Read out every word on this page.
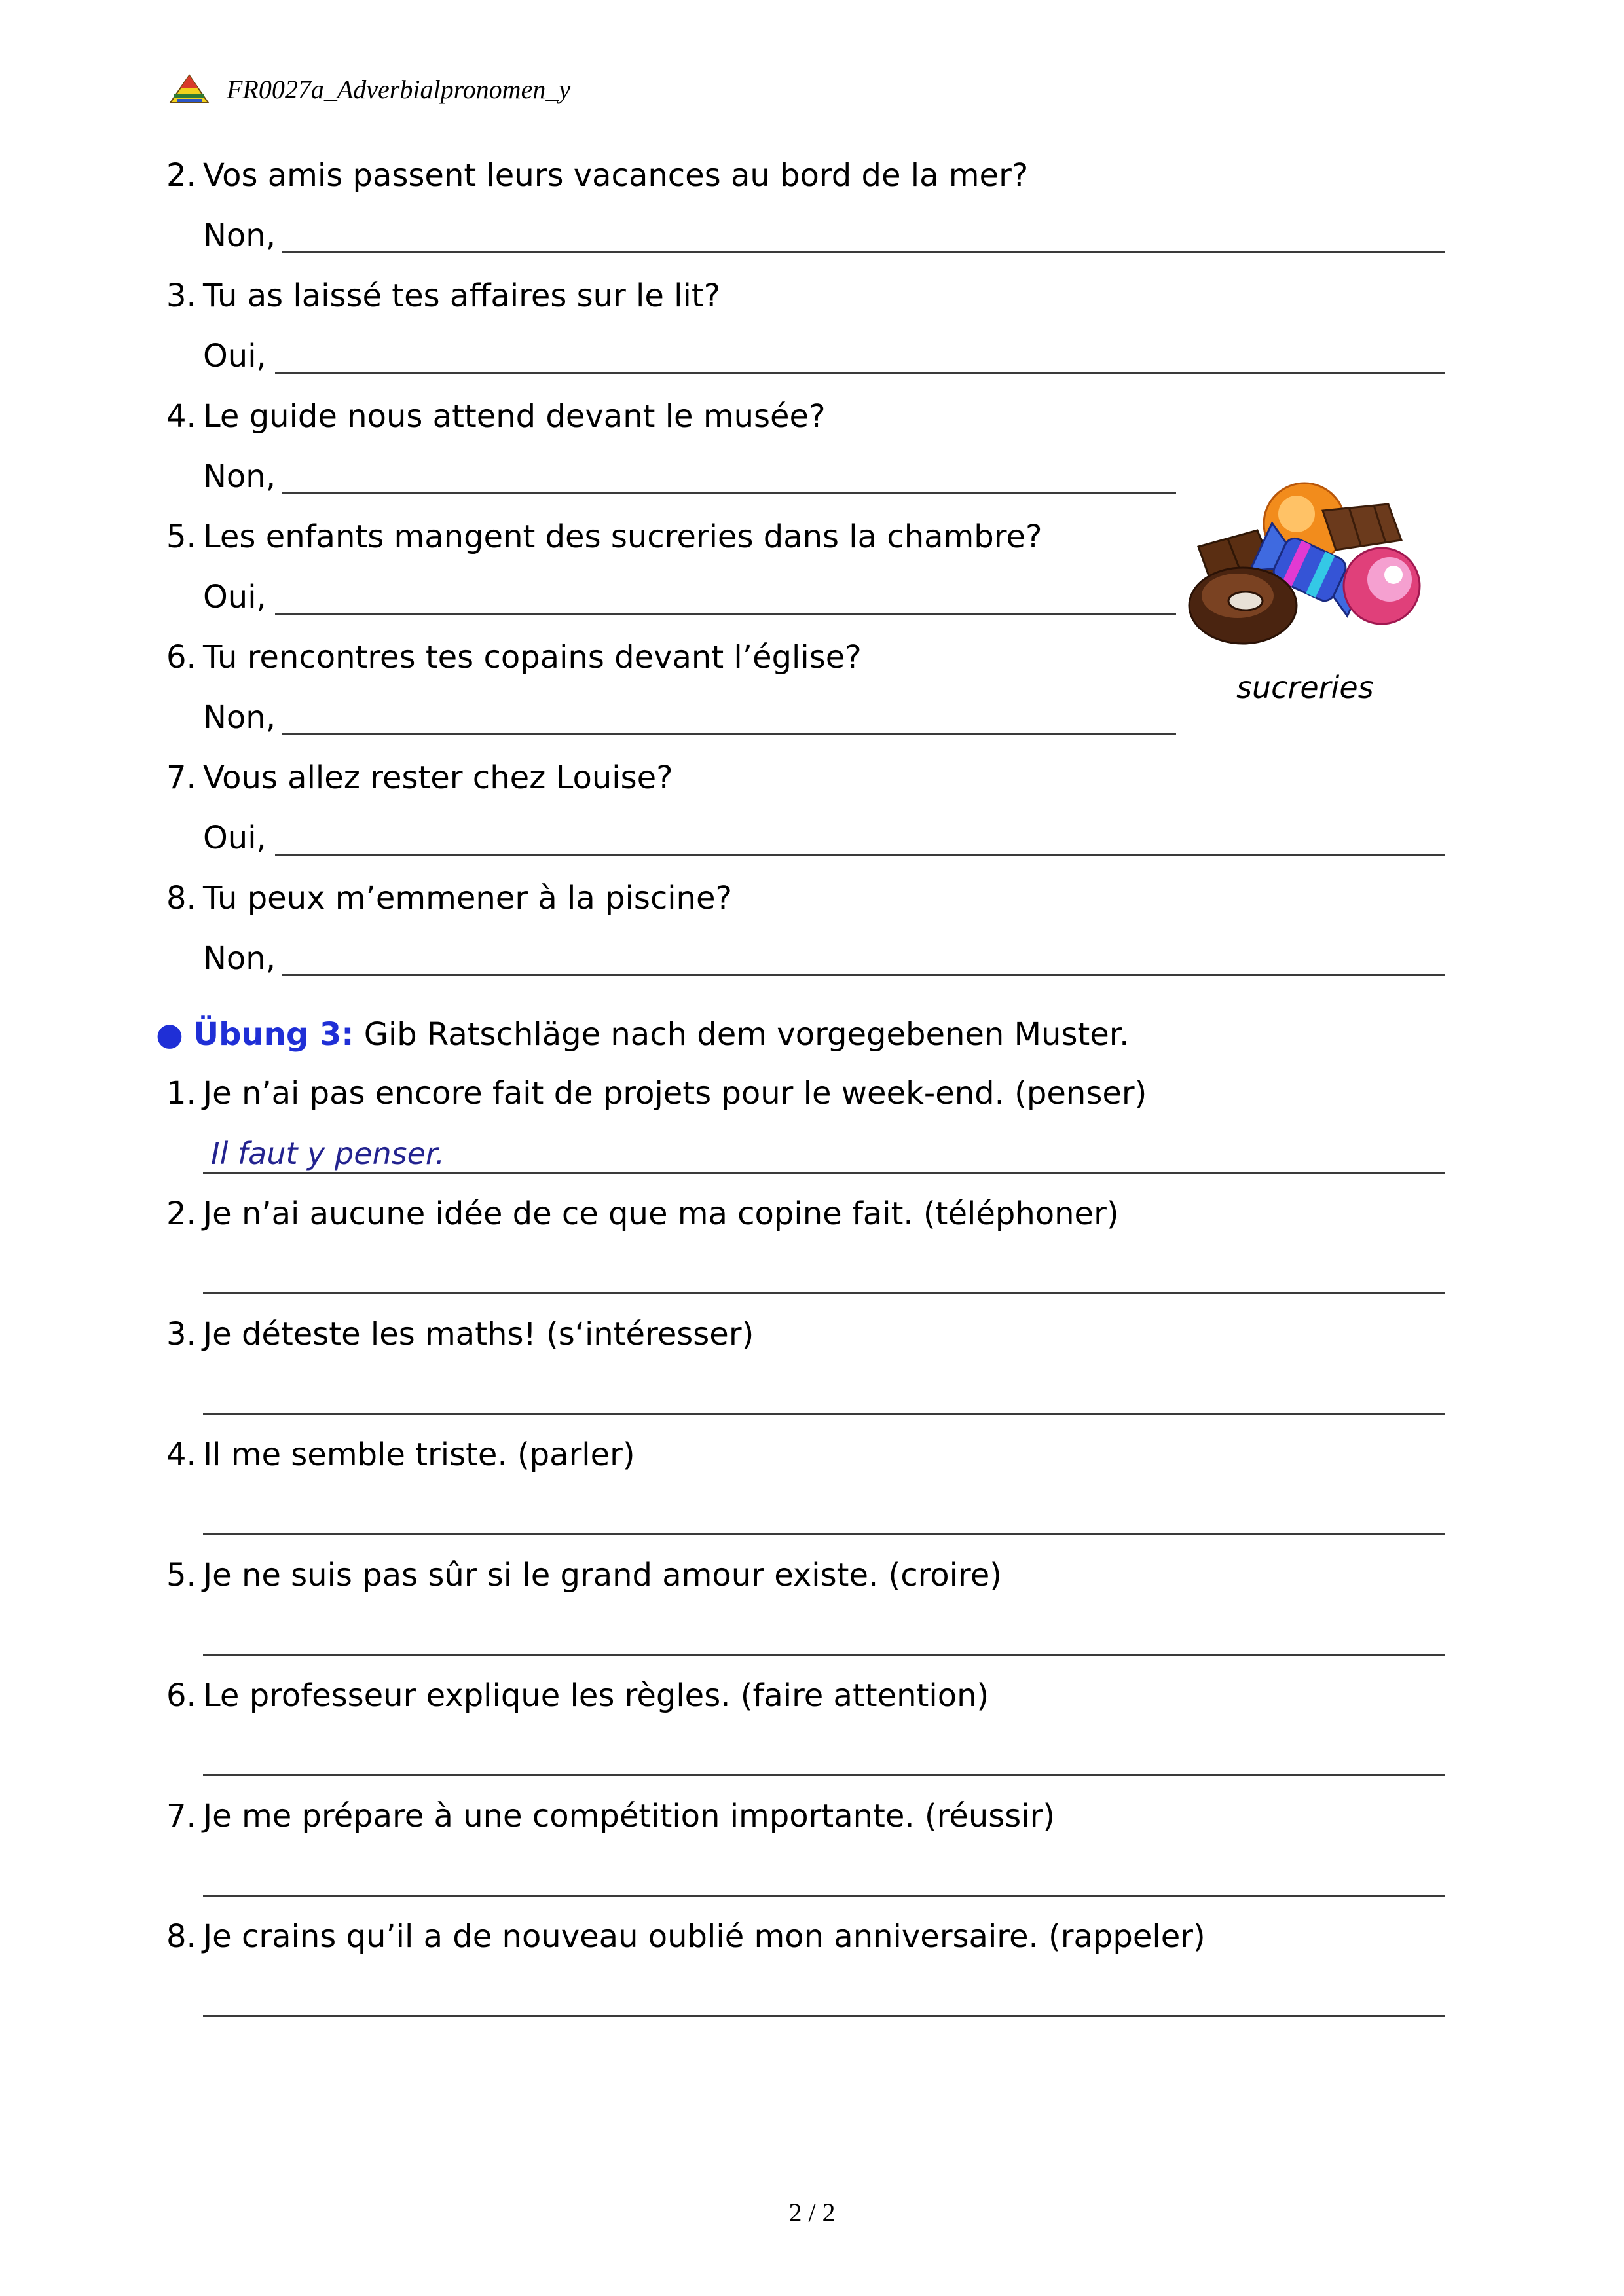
FR0027a_Adverbialpronomen_y
2. Vos amis passent leurs vacances au bord de la mer?
Non,
3. Tu as laissé tes affaires sur le lit?
Oui,
4. Le guide nous attend devant le musée?
Non,
5. Les enfants mangent des sucreries dans la chambre?
Oui,
6. Tu rencontres tes copains devant l’église?
Non,
7. Vous allez rester chez Louise?
Oui,
8. Tu peux m’emmener à la piscine?
Non,
sucreries
● Übung 3: Gib Ratschläge nach dem vorgegebenen Muster.
1. Je n’ai pas encore fait de projets pour le week-end. (penser)
Il faut y penser.
2. Je n’ai aucune idée de ce que ma copine fait. (téléphoner)
3. Je déteste les maths! (s‘intéresser)
4. Il me semble triste. (parler)
5. Je ne suis pas sûr si le grand amour existe. (croire)
6. Le professeur explique les règles. (faire attention)
7. Je me prépare à une compétition importante. (réussir)
8. Je crains qu’il a de nouveau oublié mon anniversaire. (rappeler)
2 / 2
